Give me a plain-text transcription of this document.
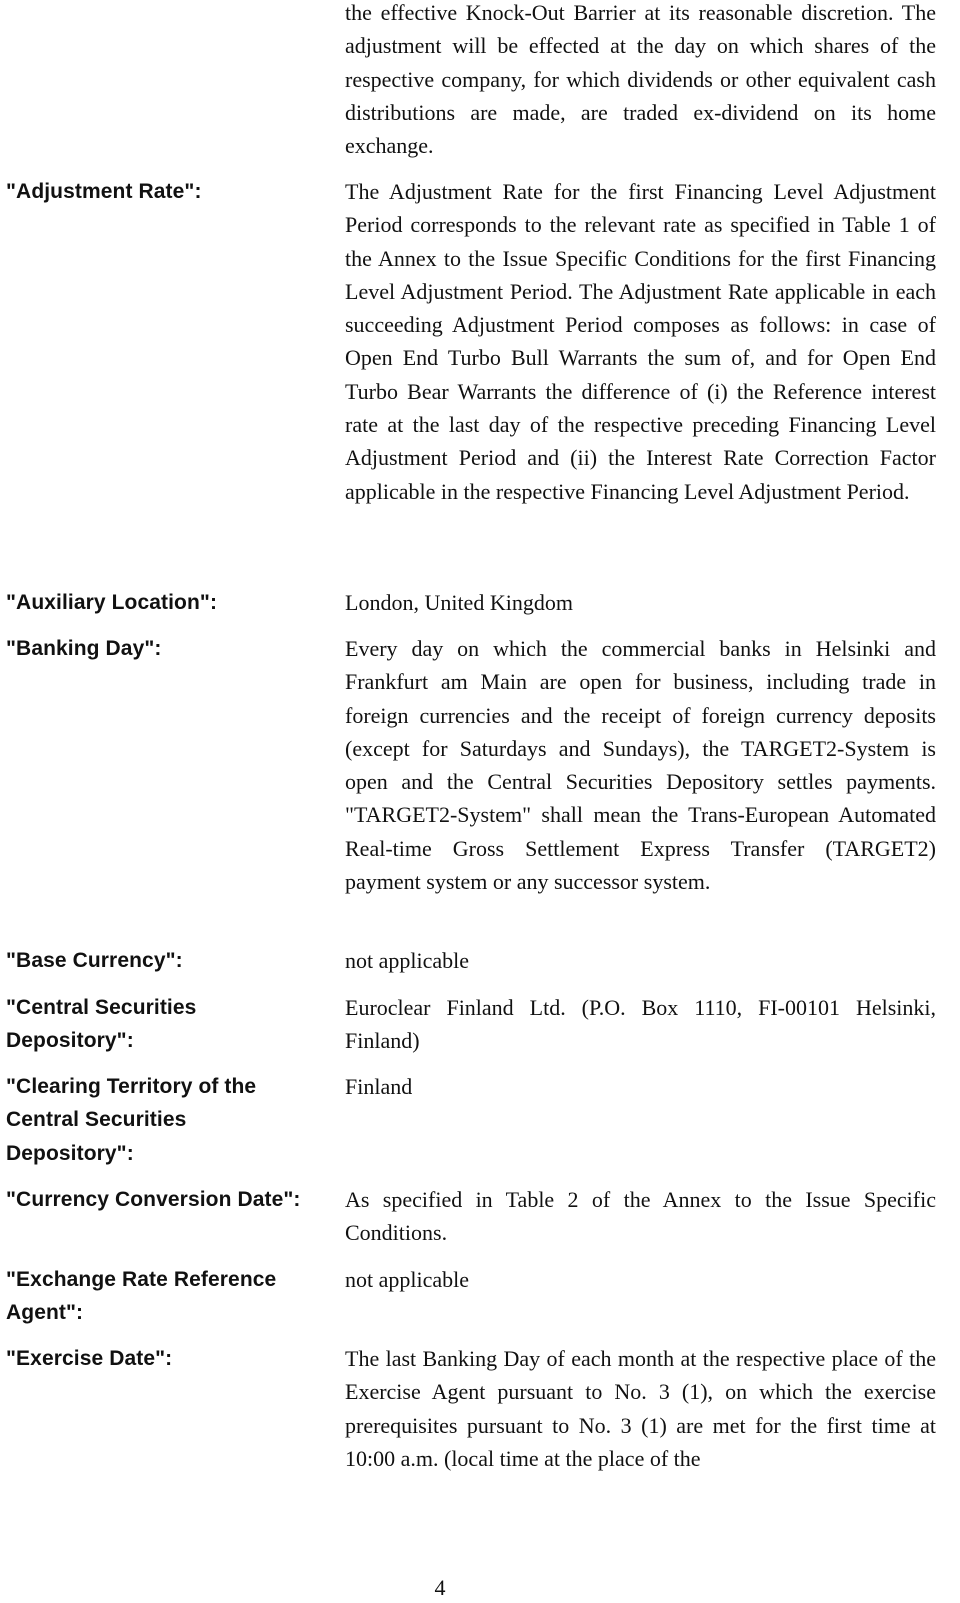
the effective Knock-Out Barrier at its reasonable discretion. The adjustment will be effected at the day on which shares of the respective company, for which dividends or other equivalent cash distributions are made, are traded ex-dividend on its home exchange.
"Adjustment Rate":	The Adjustment Rate for the first Financing Level Adjustment Period corresponds to the relevant rate as specified in Table 1 of the Annex to the Issue Specific Conditions for the first Financing Level Adjustment Period. The Adjustment Rate applicable in each succeeding Adjustment Period composes as follows: in case of Open End Turbo Bull Warrants the sum of, and for Open End Turbo Bear Warrants the difference of (i) the Reference interest rate at the last day of the respective preceding Financing Level Adjustment Period and (ii) the Interest Rate Correction Factor applicable in the respective Financing Level Adjustment Period.
"Auxiliary Location":	London, United Kingdom
"Banking Day":	Every day on which the commercial banks in Helsinki and Frankfurt am Main are open for business, including trade in foreign currencies and the receipt of foreign currency deposits (except for Saturdays and Sundays), the TARGET2-System is open and the Central Securities Depository settles payments. "TARGET2-System" shall mean the Trans-European Automated Real-time Gross Settlement Express Transfer (TARGET2) payment system or any successor system.
"Base Currency":	not applicable
"Central Securities Depository":
Euroclear Finland Ltd. (P.O. Box 1110, FI-00101 Helsinki, Finland)
"Clearing Territory of the Central Securities Depository":
Finland
"Currency Conversion Date":	As specified in Table 2 of the Annex to the Issue Specific Conditions.
"Exchange Rate Reference Agent":
not applicable
"Exercise Date":	The last Banking Day of each month at the respective place of the Exercise Agent pursuant to No. 3 (1), on which the exercise prerequisites pursuant to No. 3 (1) are met for the first time at 10:00 a.m. (local time at the place of the
4
